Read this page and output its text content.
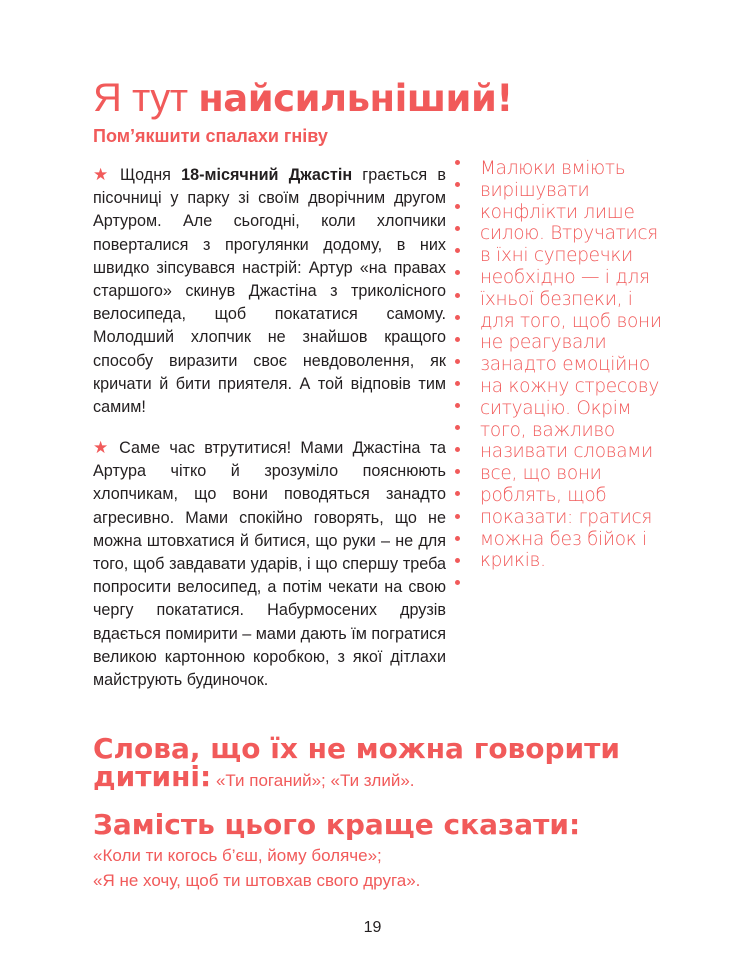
Я тут найсильніший!
Пом’якшити спалахи гніву
★ Щодня 18-місячний Джастін грається в пісочниці у парку зі своїм дворічним другом Артуром. Але сьогодні, коли хлопчики поверталися з прогулянки додому, в них швидко зіпсувався настрій: Артур «на правах старшого» скинув Джастіна з триколісного велосипеда, щоб покататися самому. Молодший хлопчик не знайшов кращого способу виразити своє невдоволення, як кричати й бити приятеля. А той відповів тим самим!
★ Саме час втрутитися! Мами Джастіна та Артура чітко й зрозуміло пояснюють хлопчикам, що вони поводяться занадто агресивно. Мами спокійно говорять, що не можна штовхатися й битися, що руки – не для того, щоб завдавати ударів, і що спершу треба попросити велосипед, а потім чекати на свою чергу покататися. Набурмосених друзів вдається помирити – мами дають їм погратися великою картонною коробкою, з якої дітлахи майструють будиночок.
Малюки вміють вирішувати конфлікти лише силою. Втручатися в їхні суперечки необхідно — і для їхньої безпеки, і для того, щоб вони не реагували занадто емоційно на кожну стресову ситуацію. Окрім того, важливо називати словами все, що вони роблять, щоб показати: гратися можна без бійок і криків.
Слова, що їх не можна говорити
дитині: «Ти поганий»; «Ти злий».
Замість цього краще сказати:
«Коли ти когось б’єш, йому боляче»;
«Я не хочу, щоб ти штовхав свого друга».
19
